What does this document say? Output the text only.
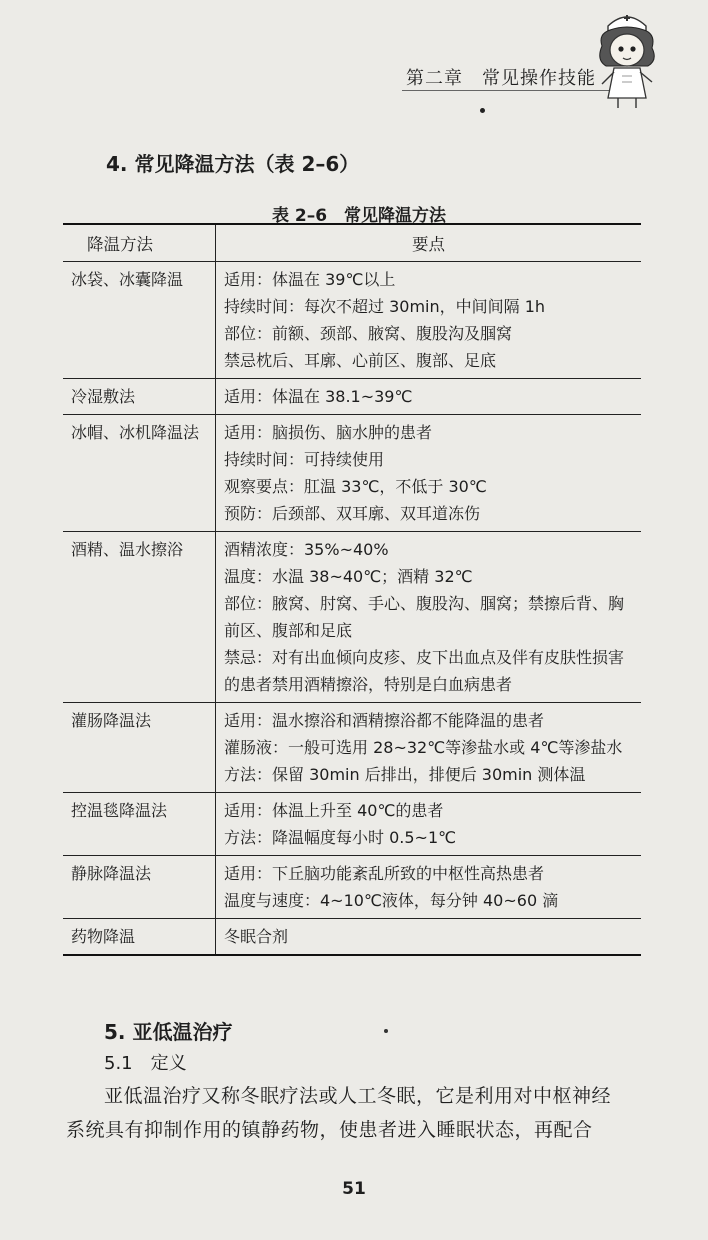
第二章　常见操作技能
4. 常见降温方法（表 2–6）
表 2–6　常见降温方法
降温方法	要点
冰袋、冰囊降温	适用：体温在 39℃以上
持续时间：每次不超过 30min，中间间隔 1h
部位：前额、颈部、腋窝、腹股沟及腘窝
禁忌枕后、耳廓、心前区、腹部、足底

冷湿敷法	适用：体温在 38.1~39℃

冰帽、冰机降温法	适用：脑损伤、脑水肿的患者
持续时间：可持续使用
观察要点：肛温 33℃，不低于 30℃
预防：后颈部、双耳廓、双耳道冻伤

酒精、温水擦浴	酒精浓度：35%~40%
温度：水温 38~40℃；酒精 32℃
部位：腋窝、肘窝、手心、腹股沟、腘窝；禁擦后背、胸前区、腹部和足底
禁忌：对有出血倾向皮疹、皮下出血点及伴有皮肤性损害的患者禁用酒精擦浴，特别是白血病患者

灌肠降温法	适用：温水擦浴和酒精擦浴都不能降温的患者
灌肠液：一般可选用 28~32℃等渗盐水或 4℃等渗盐水
方法：保留 30min 后排出，排便后 30min 测体温

控温毯降温法	适用：体温上升至 40℃的患者
方法：降温幅度每小时 0.5~1℃

静脉降温法	适用：下丘脑功能紊乱所致的中枢性高热患者
温度与速度：4~10℃液体，每分钟 40~60 滴

药物降温	冬眠合剂
5. 亚低温治疗
5.1　定义
亚低温治疗又称冬眠疗法或人工冬眠，它是利用对中枢神经系统具有抑制作用的镇静药物，使患者进入睡眠状态，再配合
51
